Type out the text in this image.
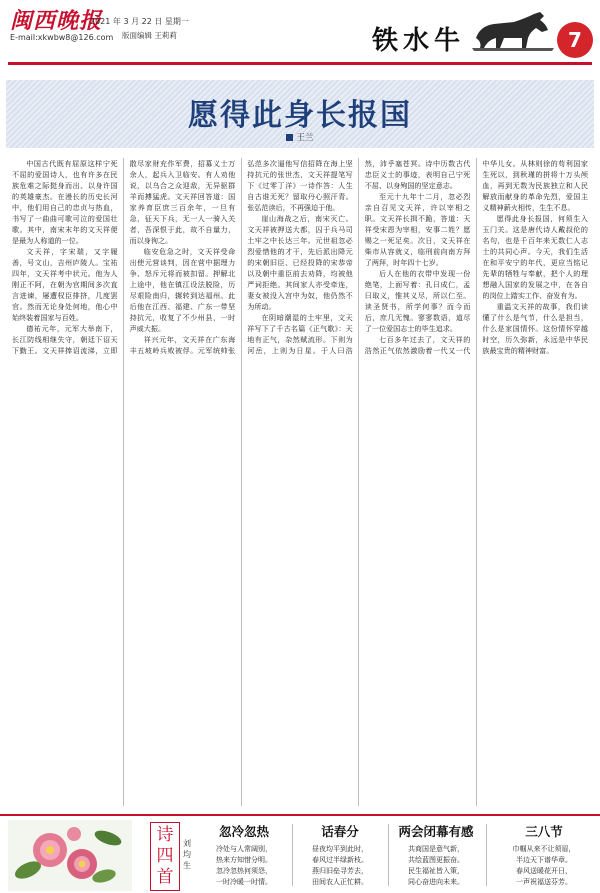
闽西晚报
E-mail:xkwbw8@126.com
2021 年 3 月 22 日 星期一
版面编辑 王莉莉	铁水牛	7
愿得此身长报国
王兰

中国古代既有屈原这样宁死不屈的爱国诗人，也有许多在民族危难之际挺身而出、以身许国的英雄豪杰。在漫长的历史长河中，他们用自己的忠贞与热血，书写了一曲曲可歌可泣的爱国壮歌。其中，南宋末年的文天祥便是最为人称道的一位。

文天祥，字宋瑞，又字履善，号文山，吉州庐陵人。宝祐四年，文天祥考中状元。他为人刚正不阿，在朝为官期间多次直言进谏，屡遭权臣排挤，几度罢官。然而无论身处何地，他心中始终装着国家与百姓。

德祐元年，元军大举南下，长江防线相继失守，朝廷下诏天下勤王。文天祥捧诏流涕，立即散尽家财充作军费，招募义士万余人，起兵入卫临安。有人劝他说，以乌合之众迎敌，无异驱群羊而搏猛虎。文天祥回答道：国家养育臣庶三百余年，一旦有急，征天下兵，无一人一骑入关者，吾深恨于此，故不自量力，而以身徇之。

临安危急之时，文天祥受命出使元营谈判，因在营中据理力争、怒斥元将而被扣留。押解北上途中，他在镇江设法脱险，历尽艰险南归，辗转到达福州。此后他在江西、福建、广东一带坚持抗元，收复了不少州县，一时声威大振。

祥兴元年，文天祥在广东海丰五坡岭兵败被俘。元军统帅张弘范多次逼他写信招降在海上坚持抗元的张世杰，文天祥提笔写下《过零丁洋》一诗作答：人生自古谁无死？留取丹心照汗青。张弘范读后，不再强迫于他。

崖山海战之后，南宋灭亡。文天祥被押送大都，囚于兵马司土牢之中长达三年。元世祖忽必烈爱惜他的才干，先后派出降元的宋朝旧臣、已经投降的宋恭帝以及朝中重臣前去劝降，均被他严词拒绝。其间家人亦受牵连，妻女被没入宫中为奴，他仍然不为所动。

在阴暗潮湿的土牢里，文天祥写下了千古名篇《正气歌》：天地有正气，杂然赋流形。下则为河岳，上则为日星。于人曰浩然，沛乎塞苍冥。诗中历数古代忠臣义士的事迹，表明自己宁死不屈、以身殉国的坚定意志。

至元十九年十二月，忽必烈亲自召见文天祥，许以宰相之职。文天祥长揖不跪，答道：天祥受宋恩为宰相，安事二姓？愿赐之一死足矣。次日，文天祥在柴市从容就义，临刑前向南方拜了两拜，时年四十七岁。

后人在他的衣带中发现一份绝笔，上面写着：孔曰成仁，孟曰取义，惟其义尽，所以仁至。读圣贤书，所学何事？而今而后，庶几无愧。寥寥数语，道尽了一位爱国志士的毕生追求。

七百多年过去了，文天祥的浩然正气依然激励着一代又一代中华儿女。从林则徐的苟利国家生死以，到秋瑾的拼将十万头颅血，再到无数为民族独立和人民解放而献身的革命先烈，爱国主义精神薪火相传，生生不息。

愿得此身长报国，何须生入玉门关。这是唐代诗人戴叔伦的名句，也是千百年来无数仁人志士的共同心声。今天，我们生活在和平安宁的年代，更应当铭记先辈的牺牲与奉献，把个人的理想融入国家的发展之中，在各自的岗位上踏实工作、奋发有为。

重温文天祥的故事，我们读懂了什么是气节，什么是担当，什么是家国情怀。这份情怀穿越时空，历久弥新，永远是中华民族最宝贵的精神财富。

诗四首
刘均生
忽冷忽热
冷处与人常阔别，
热来方知惜分明。
忽冷忽热何须怨，
一时冷暖一时情。
话春分
昼夜均平到此时，
春风过半绿新枝。
燕归旧垒寻芳去，
田间农人正忙耕。
两会闭幕有感
共商国是意气新，
共绘蓝图更振奋。
民生福祉皆入策，
同心奋进向未来。
三八节
巾帼从来不让须眉，
半边天下谱华章。
春风送暖花开日，
一声祝福送芬芳。
